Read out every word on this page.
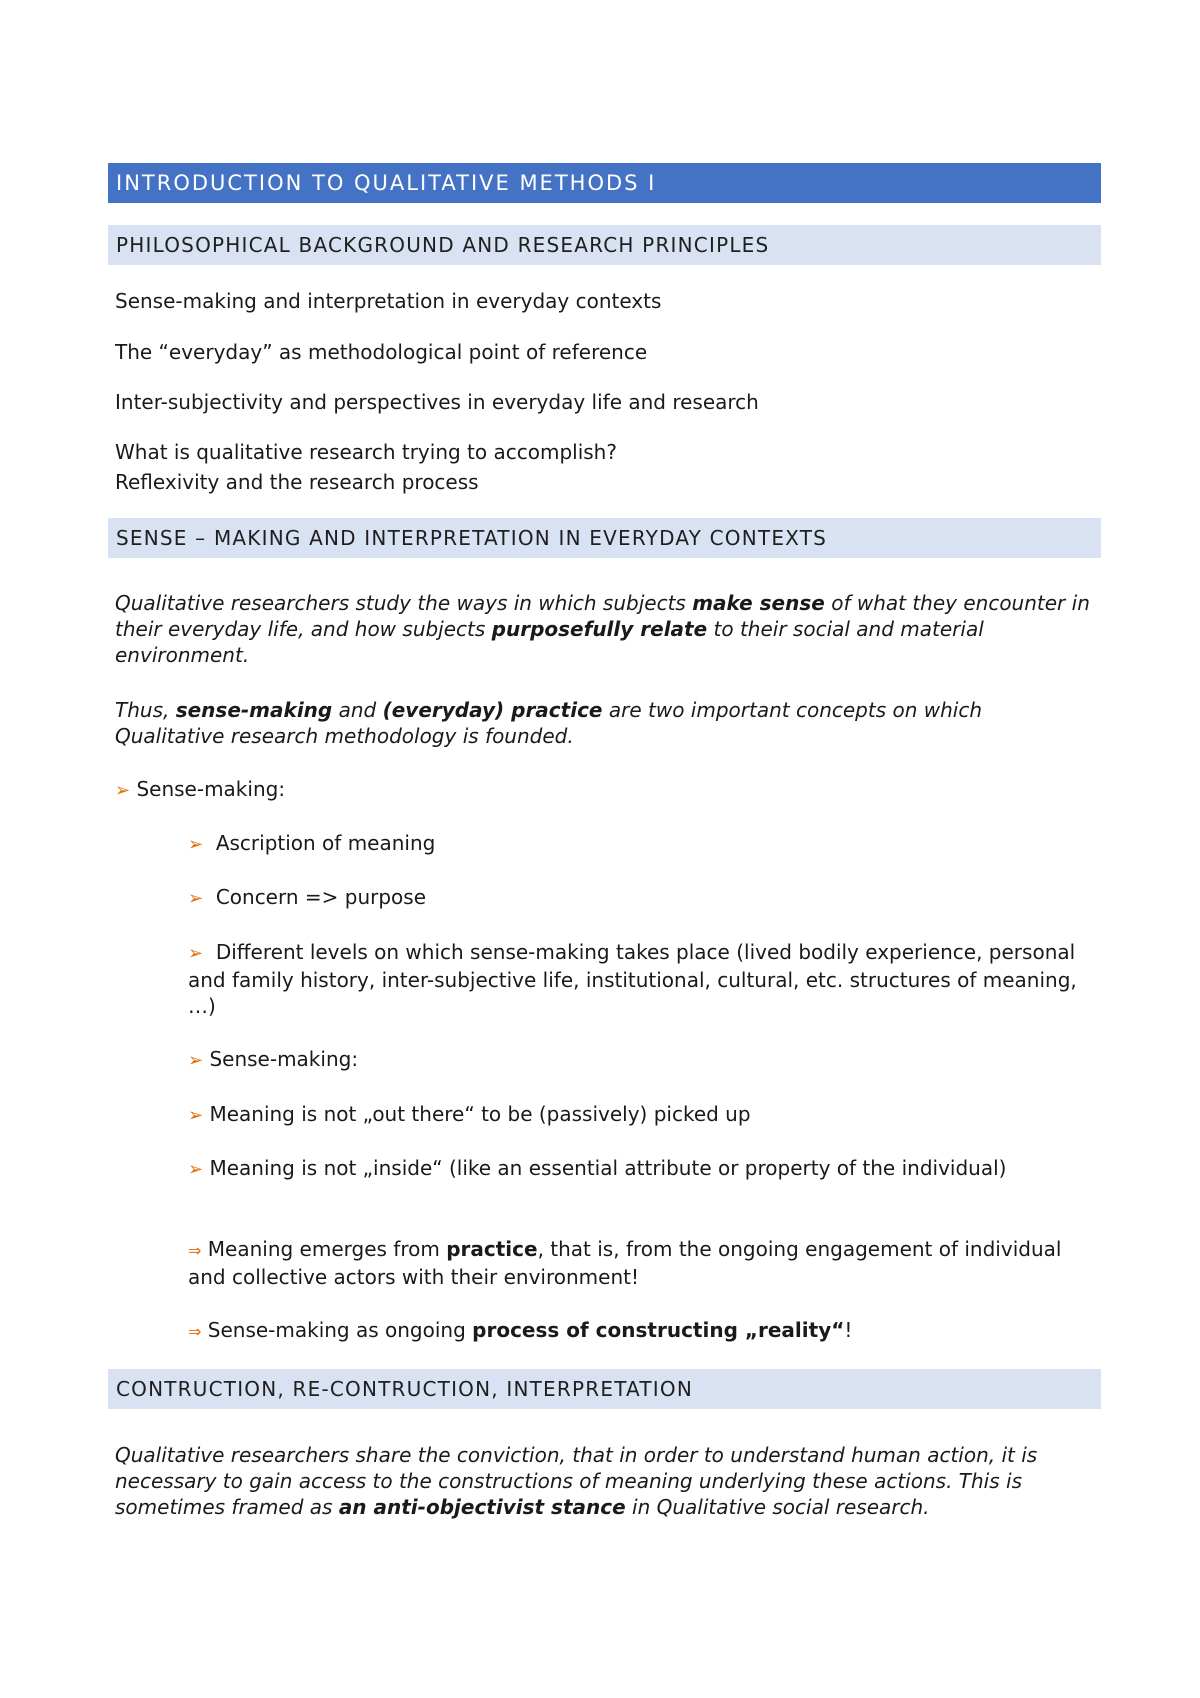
INTRODUCTION TO QUALITATIVE METHODS I
PHILOSOPHICAL BACKGROUND AND RESEARCH PRINCIPLES

Sense-making and interpretation in everyday contexts

The “everyday” as methodological point of reference

Inter-subjectivity and perspectives in everyday life and research

What is qualitative research trying to accomplish?

Reflexivity and the research process

SENSE – MAKING AND INTERPRETATION IN EVERYDAY CONTEXTS

Qualitative researchers study the ways in which subjects make sense of what they encounter in their everyday life, and how subjects purposefully relate to their social and material environment.

Thus, sense-making and (everyday) practice are two important concepts on which Qualitative research methodology is founded.

➢ Sense-making:

➢ Ascription of meaning

➢ Concern => purpose

➢ Different levels on which sense-making takes place (lived bodily experience, personal and family history, inter-subjective life, institutional, cultural, etc. structures of meaning, …)

➢ Sense-making:

➢ Meaning is not „out there“ to be (passively) picked up

➢ Meaning is not „inside“ (like an essential attribute or property of the individual)

⇒ Meaning emerges from practice, that is, from the ongoing engagement of individual and collective actors with their environment!

⇒ Sense-making as ongoing process of constructing „reality“!

CONTRUCTION, RE-CONTRUCTION, INTERPRETATION

Qualitative researchers share the conviction, that in order to understand human action, it is necessary to gain access to the constructions of meaning underlying these actions. This is sometimes framed as an anti-objectivist stance in Qualitative social research.
